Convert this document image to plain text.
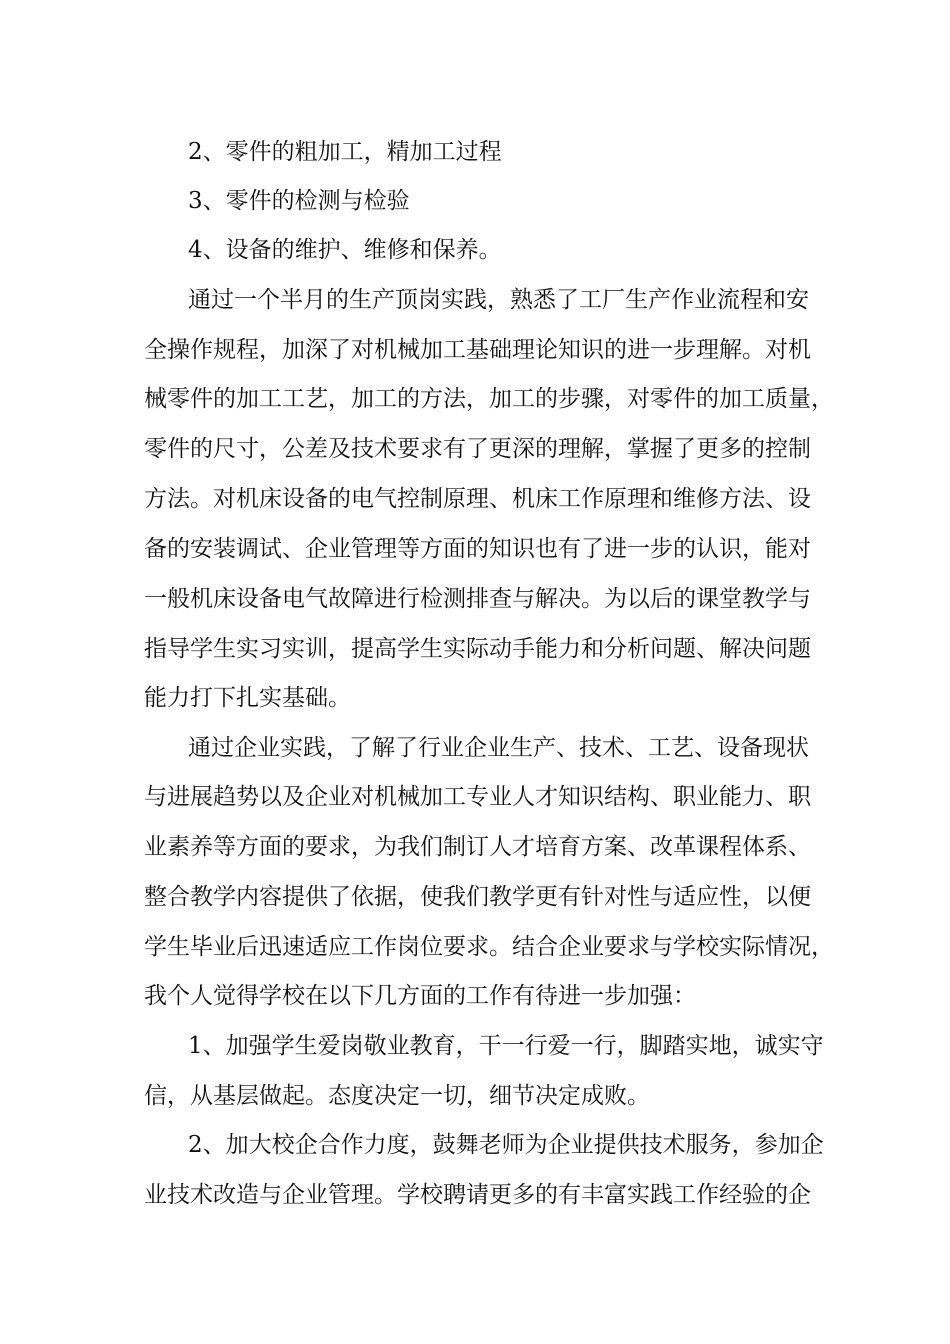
2、零件的粗加工，精加工过程
3、零件的检测与检验
4、设备的维护、维修和保养。
通过一个半月的生产顶岗实践，熟悉了工厂生产作业流程和安
全操作规程，加深了对机械加工基础理论知识的进一步理解。对机
械零件的加工工艺，加工的方法，加工的步骤，对零件的加工质量，
零件的尺寸，公差及技术要求有了更深的理解，掌握了更多的控制
方法。对机床设备的电气控制原理、机床工作原理和维修方法、设
备的安装调试、企业管理等方面的知识也有了进一步的认识，能对
一般机床设备电气故障进行检测排查与解决。为以后的课堂教学与
指导学生实习实训，提高学生实际动手能力和分析问题、解决问题
能力打下扎实基础。
通过企业实践，了解了行业企业生产、技术、工艺、设备现状
与进展趋势以及企业对机械加工专业人才知识结构、职业能力、职
业素养等方面的要求，为我们制订人才培育方案、改革课程体系、
整合教学内容提供了依据，使我们教学更有针对性与适应性，以便
学生毕业后迅速适应工作岗位要求。结合企业要求与学校实际情况，
我个人觉得学校在以下几方面的工作有待进一步加强：
1、加强学生爱岗敬业教育，干一行爱一行，脚踏实地，诚实守
信，从基层做起。态度决定一切，细节决定成败。
2、加大校企合作力度，鼓舞老师为企业提供技术服务，参加企
业技术改造与企业管理。学校聘请更多的有丰富实践工作经验的企
